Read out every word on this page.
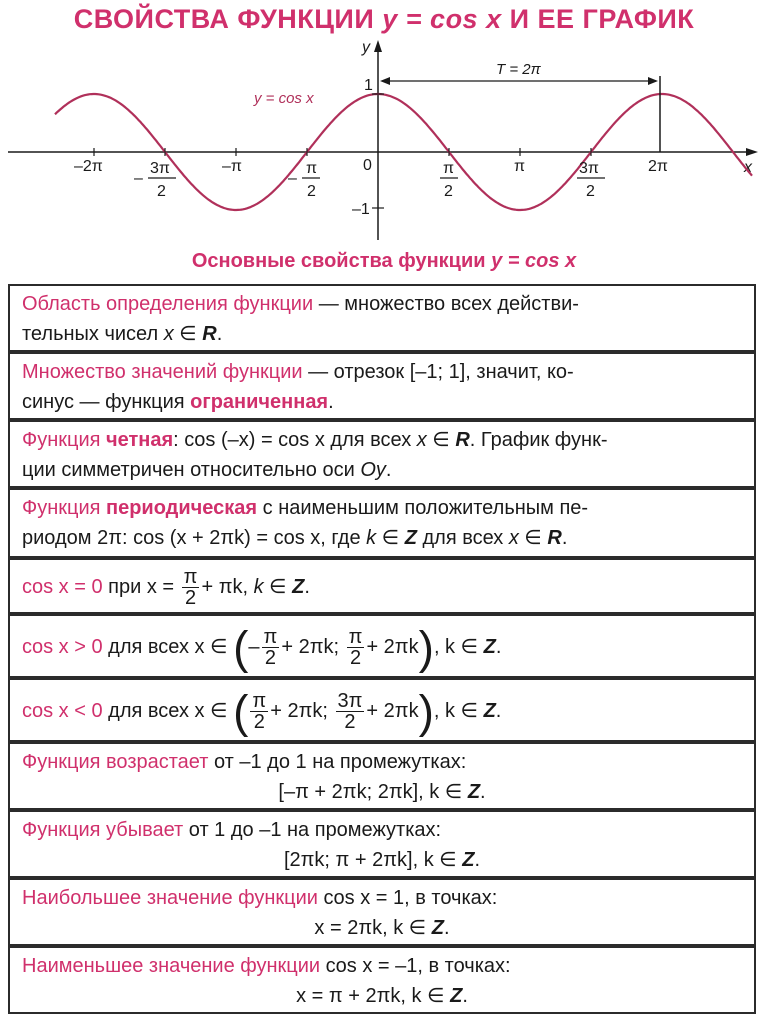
СВОЙСТВА ФУНКЦИИ y = cos x И ЕЕ ГРАФИК
x
y
y = cos x
1
–1
0
T = 2π
–2π	–π	π	2π
–
3π
2
–
π
2
π
2
3π
2
Основные свойства функции y = cos x
Область определения функции — множество всех действи-
тельных чисел x ∈ R.
Множество значений функции — отрезок [–1; 1], значит, ко-
синус — функция ограниченная.
Функция четная: cos (–x) = cos x для всех x ∈ R. График функ-
ции симметричен относительно оси Oy.
Функция периодическая с наименьшим положительным пе-
риодом 2π: cos (x + 2πk) = cos x, где k ∈ Z для всех x ∈ R.
cos x = 0 при $x = \frac{\pi}{2} + \pi k$, k ∈ Z.
cos x > 0 для всех x ∈ (– $\frac{\pi}{2} + 2\pi k$; $\frac{\pi}{2} + 2\pi k$), k ∈ Z.
cos x < 0 для всех x ∈ ( $\frac{\pi}{2} + 2\pi k$; $\frac{3\pi}{2} + 2\pi k$), k ∈ Z.
Функция возрастает от –1 до 1 на промежутках:
[–π + 2πk; 2πk], k ∈ Z.
Функция убывает от 1 до –1 на промежутках:
[2πk; π + 2πk], k ∈ Z.
Наибольшее значение функции cos x = 1, в точках:
x = 2πk, k ∈ Z.
Наименьшее значение функции cos x = –1, в точках:
x = π + 2πk, k ∈ Z.
